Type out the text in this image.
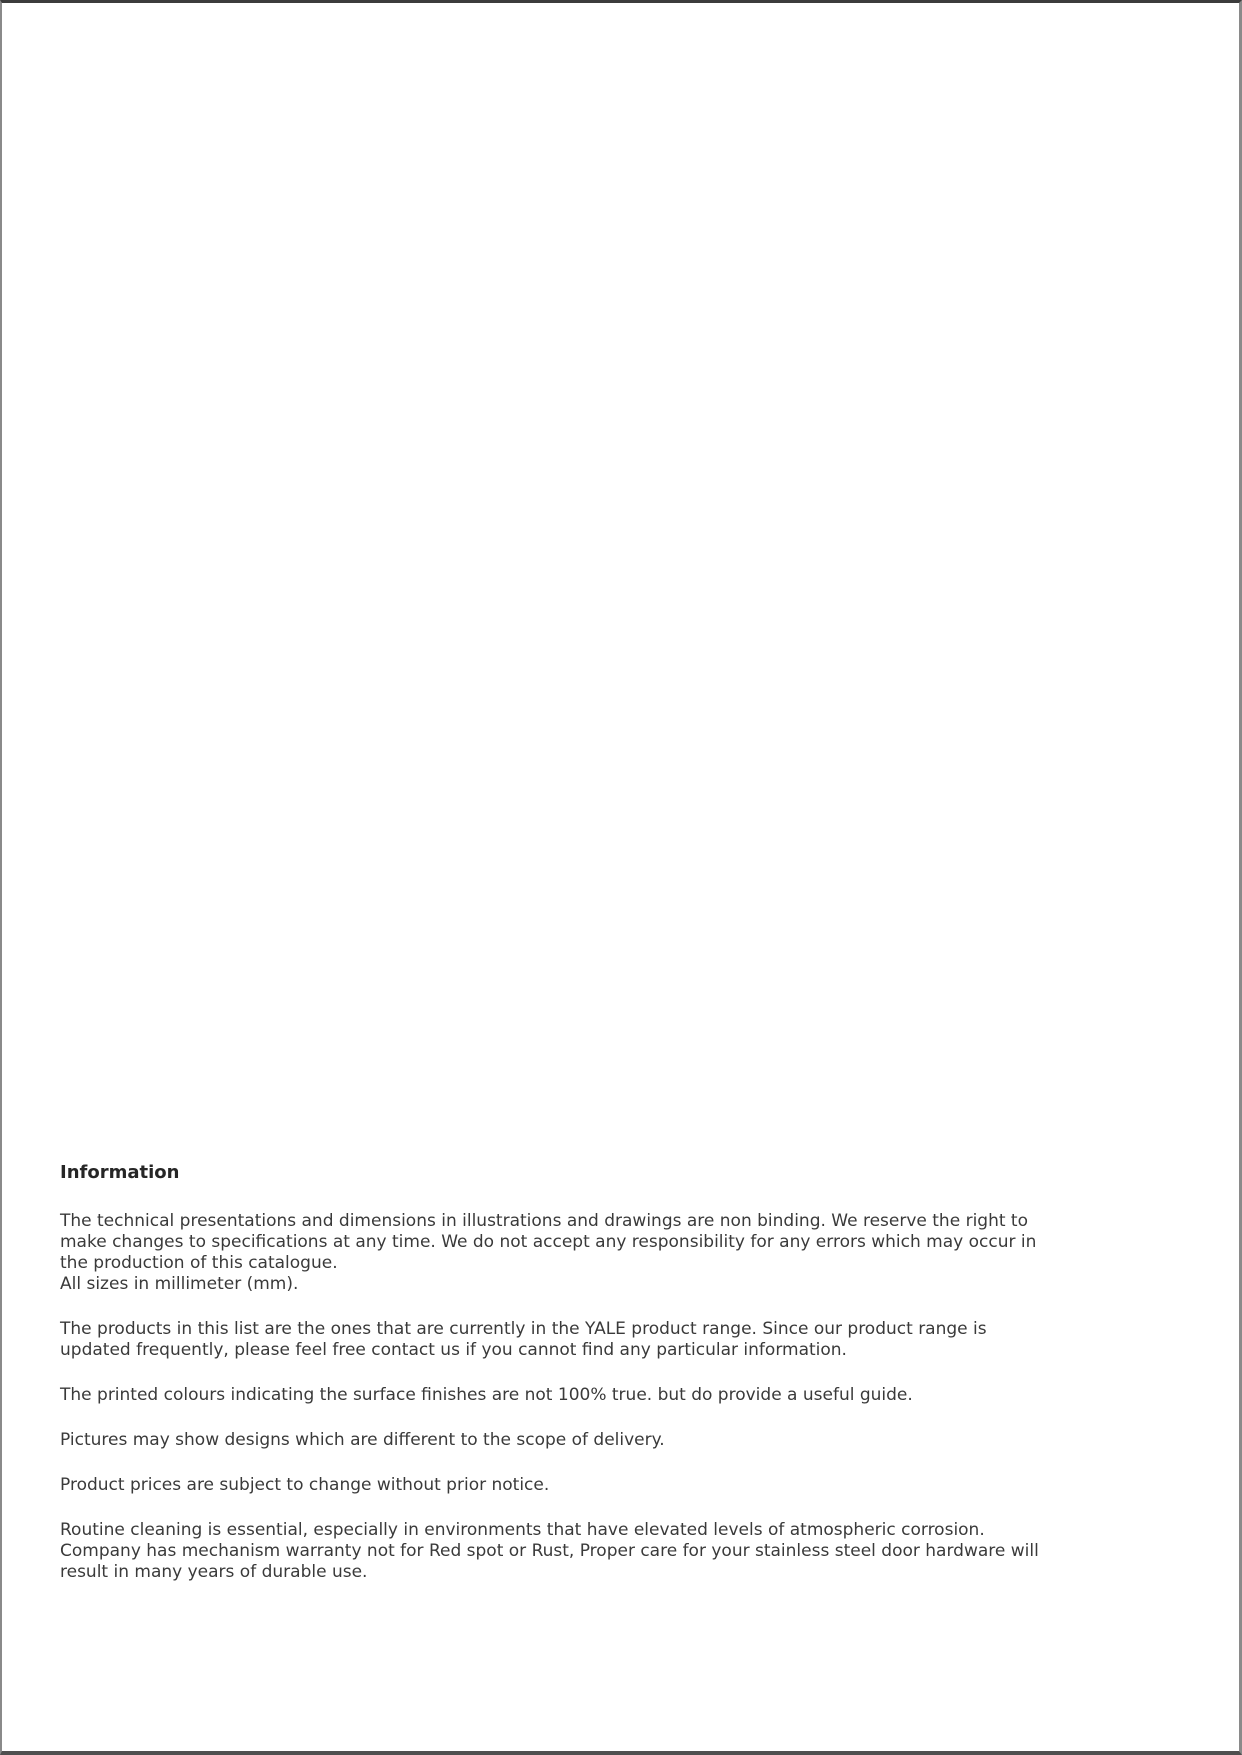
Information

The technical presentations and dimensions in illustrations and drawings are non binding. We reserve the right to make changes to specifications at any time. We do not accept any responsibility for any errors which may occur in the production of this catalogue.

All sizes in millimeter (mm).

The products in this list are the ones that are currently in the YALE product range. Since our product range is updated frequently, please feel free contact us if you cannot find any particular information.

The printed colours indicating the surface finishes are not 100% true. but do provide a useful guide.

Pictures may show designs which are different to the scope of delivery.

Product prices are subject to change without prior notice.

Routine cleaning is essential, especially in environments that have elevated levels of atmospheric corrosion.  Company has mechanism warranty not for Red spot or Rust, Proper care for your stainless steel door hardware will result in many years of durable use.
